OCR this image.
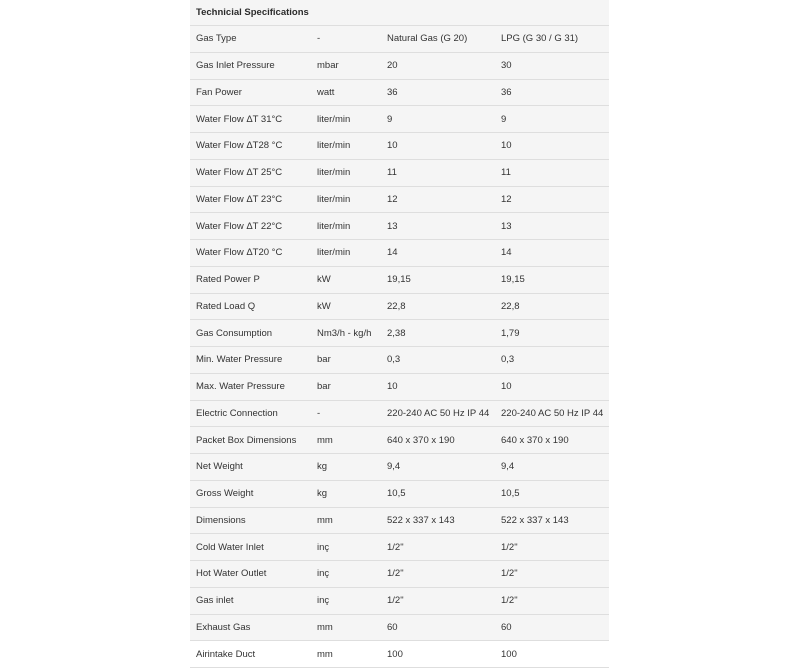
Technicial Specifications
Gas Type	-	Natural Gas (G 20)	LPG (G 30 / G 31)
Gas Inlet Pressure	mbar	20	30
Fan Power	watt	36	36
Water Flow ΔT 31°C	liter/min	9	9
Water Flow ΔT28 °C	liter/min	10	10
Water Flow ΔT 25°C	liter/min	11	11
Water Flow ΔT 23°C	liter/min	12	12
Water Flow ΔT 22°C	liter/min	13	13
Water Flow ΔT20 °C	liter/min	14	14
Rated Power P	kW	19,15	19,15
Rated Load Q	kW	22,8	22,8
Gas Consumption	Nm3/h - kg/h	2,38	1,79
Min. Water Pressure	bar	0,3	0,3
Max. Water Pressure	bar	10	10
Electric Connection	-	220-240 AC 50 Hz IP 44	220-240 AC 50 Hz IP 44
Packet Box Dimensions	mm	640 x 370 x 190	640 x 370 x 190
Net Weight	kg	9,4	9,4
Gross Weight	kg	10,5	10,5
Dimensions	mm	522 x 337 x 143	522 x 337 x 143
Cold Water Inlet	inç	1/2"	1/2"
Hot Water Outlet	inç	1/2"	1/2"
Gas inlet	inç	1/2"	1/2"
Exhaust Gas	mm	60	60
Airintake Duct	mm	100	100
